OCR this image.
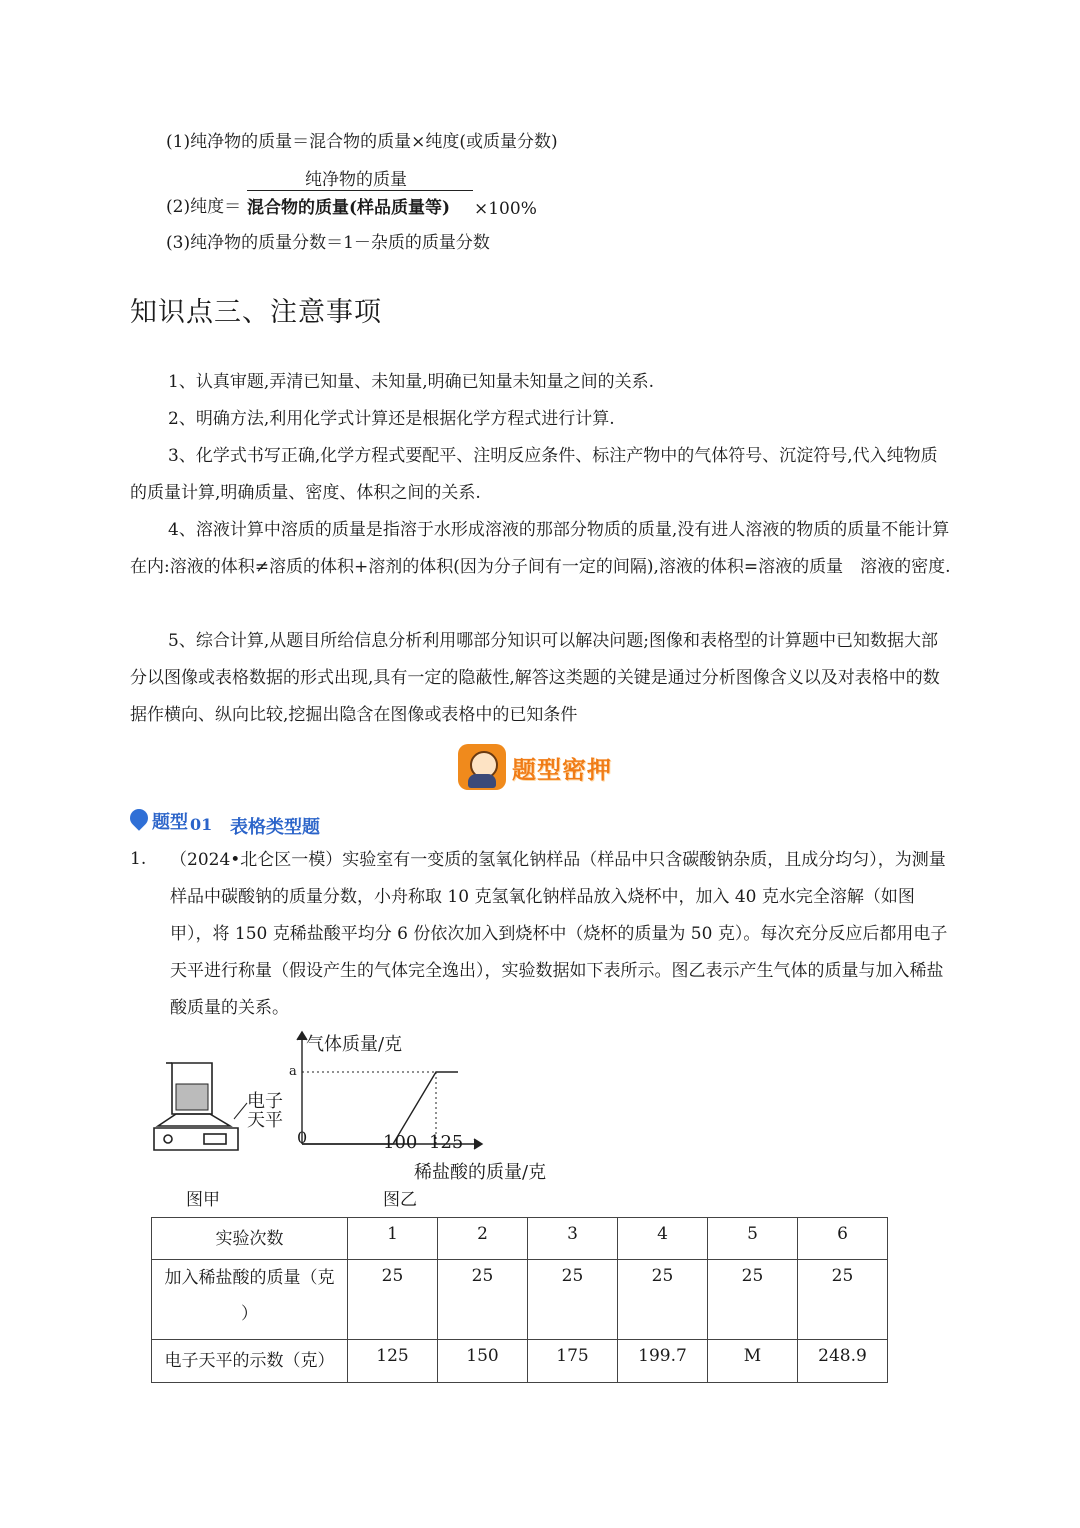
(1)纯净物的质量＝混合物的质量×纯度(或质量分数)
纯净物的质量
(2)纯度＝ 混合物的质量(样品质量等) ×100%
(3)纯净物的质量分数＝1－杂质的质量分数
知识点三、注意事项
1、认真审题,弄清已知量、未知量,明确已知量未知量之间的关系.
2、明确方法,利用化学式计算还是根据化学方程式进行计算.
3、化学式书写正确,化学方程式要配平、注明反应条件、标注产物中的气体符号、沉淀符号,代入纯物质的质量计算,明确质量、密度、体积之间的关系.
4、溶液计算中溶质的质量是指溶于水形成溶液的那部分物质的质量,没有进人溶液的物质的质量不能计算在内:溶液的体积≠溶质的体积+溶剂的体积(因为分子间有一定的间隔),溶液的体积=溶液的质量　溶液的密度.
5、综合计算,从题目所给信息分析利用哪部分知识可以解决问题;图像和表格型的计算题中已知数据大部分以图像或表格数据的形式出现,具有一定的隐蔽性,解答这类题的关键是通过分析图像含义以及对表格中的数据作横向、纵向比较,挖掘出隐含在图像或表格中的已知条件
题型密押
题型 01 表格类型题
1. （2024•北仑区一模）实验室有一变质的氢氧化钠样品（样品中只含碳酸钠杂质，且成分均匀），为测量样品中碳酸钠的质量分数，小舟称取 10 克氢氧化钠样品放入烧杯中，加入 40 克水完全溶解（如图甲），将 150 克稀盐酸平均分 6 份依次加入到烧杯中（烧杯的质量为 50 克）。每次充分反应后都用电子天平进行称量（假设产生的气体完全逸出），实验数据如下表所示。图乙表示产生气体的质量与加入稀盐酸质量的关系。
电子
天平
图甲
气体质量/克
a
0	100 125
稀盐酸的质量/克
图乙
实验次数	1	2	3	4	5	6
加入稀盐酸的质量（克
）	25	25	25	25	25	25
电子天平的示数（克）	125	150	175	199.7	M	248.9
